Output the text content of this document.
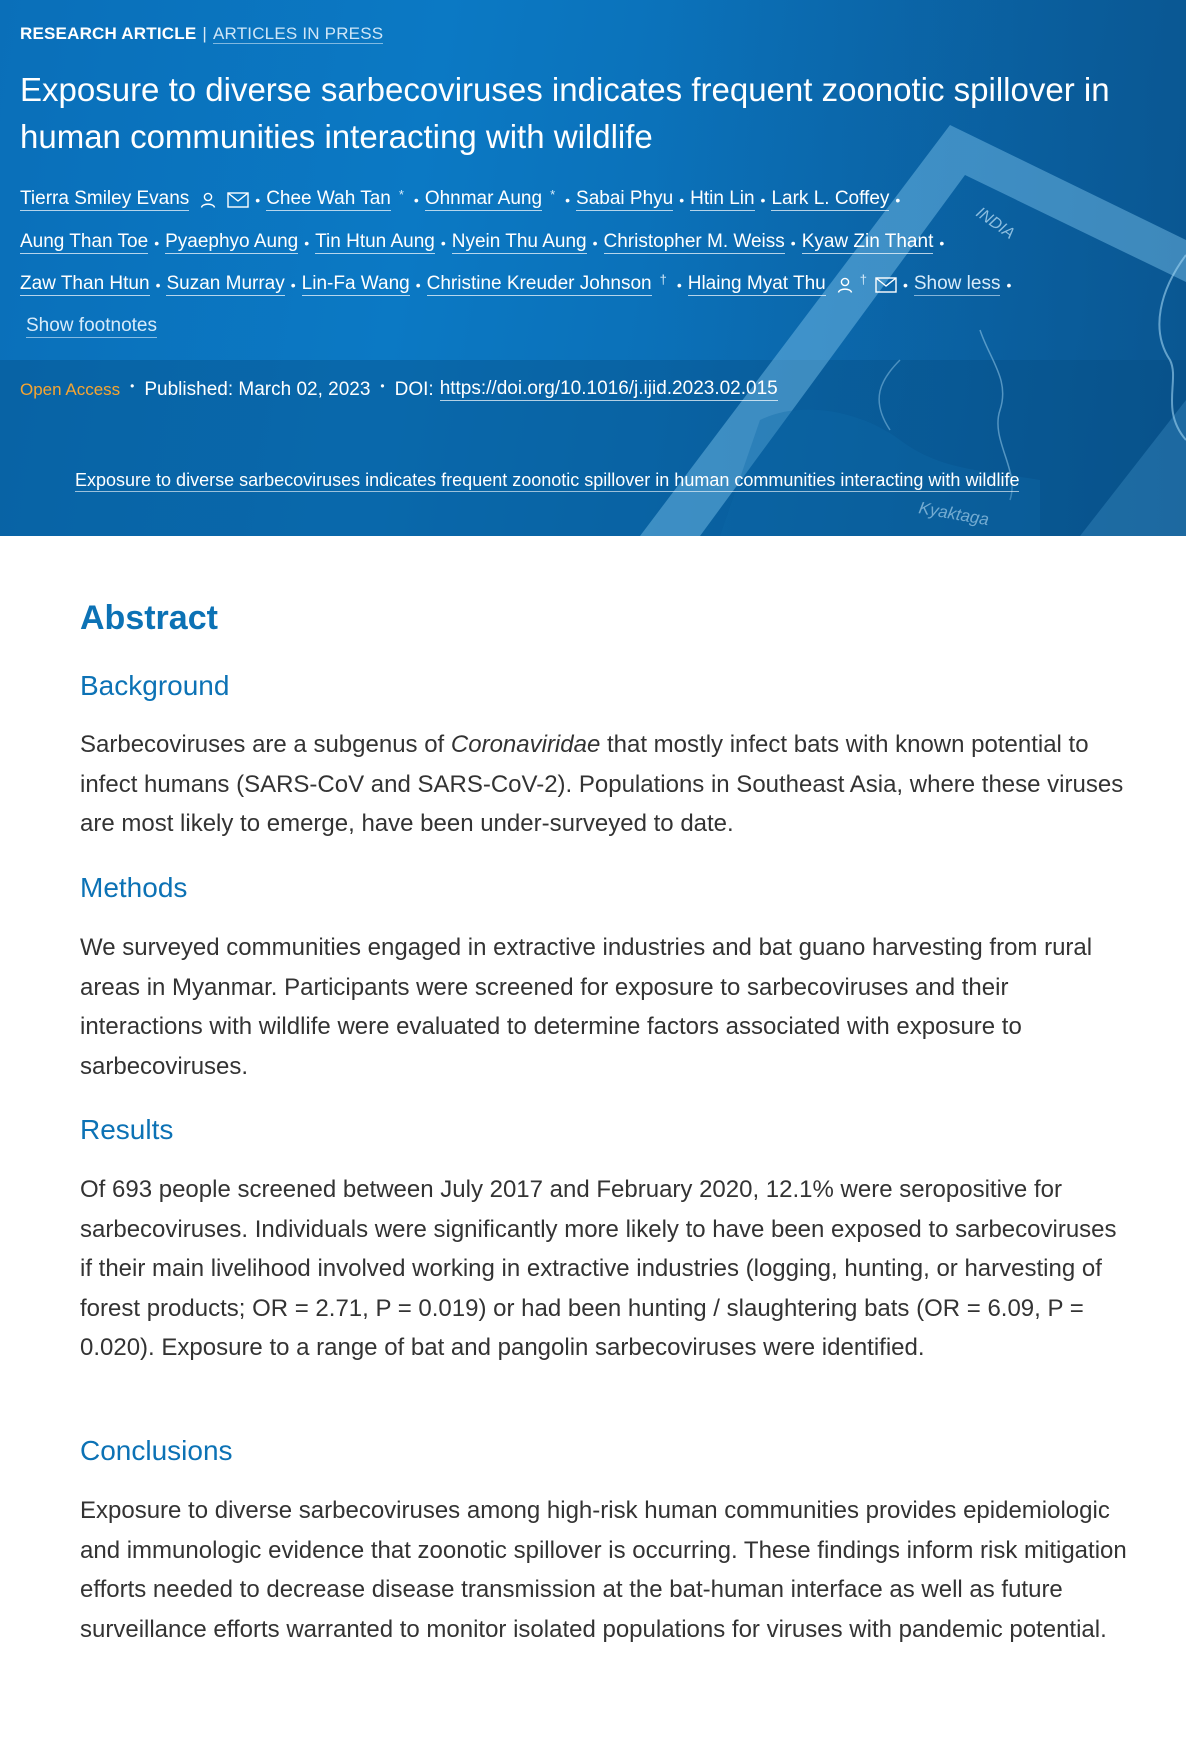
INDIA
Kyaktaga
RESEARCH ARTICLE | ARTICLES IN PRESS
Exposure to diverse sarbecoviruses indicates frequent zoonotic spillover in human communities interacting with wildlife
Tierra Smiley Evans	• Chee Wah Tan * • Ohnmar Aung * • Sabai Phyu • Htin Lin • Lark L. Coffey •
Aung Than Toe • Pyaephyo Aung • Tin Htun Aung • Nyein Thu Aung • Christopher M. Weiss • Kyaw Zin Thant •
Zaw Than Htun • Suzan Murray • Lin-Fa Wang • Christine Kreuder Johnson † • Hlaing Myat Thu	†	• Show less •
Show footnotes
Open Access • Published: March 02, 2023 • DOI: https://doi.org/10.1016/j.ijid.2023.02.015
Exposure to diverse sarbecoviruses indicates frequent zoonotic spillover in human communities interacting with wildlife
Abstract
Background

Sarbecoviruses are a subgenus of Coronaviridae that mostly infect bats with known potential to infect humans (SARS-CoV and SARS-CoV-2). Populations in Southeast Asia, where these viruses are most likely to emerge, have been under-surveyed to date.

Methods

We surveyed communities engaged in extractive industries and bat guano harvesting from rural areas in Myanmar. Participants were screened for exposure to sarbecoviruses and their interactions with wildlife were evaluated to determine factors associated with exposure to sarbecoviruses.

Results

Of 693 people screened between July 2017 and February 2020, 12.1% were seropositive for sarbecoviruses. Individuals were significantly more likely to have been exposed to sarbecoviruses if their main livelihood involved working in extractive industries (logging, hunting, or harvesting of forest products; OR = 2.71, P = 0.019) or had been hunting / slaughtering bats (OR = 6.09, P = 0.020). Exposure to a range of bat and pangolin sarbecoviruses were identified.

Conclusions

Exposure to diverse sarbecoviruses among high-risk human communities provides epidemiologic and immunologic evidence that zoonotic spillover is occurring. These findings inform risk mitigation efforts needed to decrease disease transmission at the bat-human interface as well as future surveillance efforts warranted to monitor isolated populations for viruses with pandemic potential.
